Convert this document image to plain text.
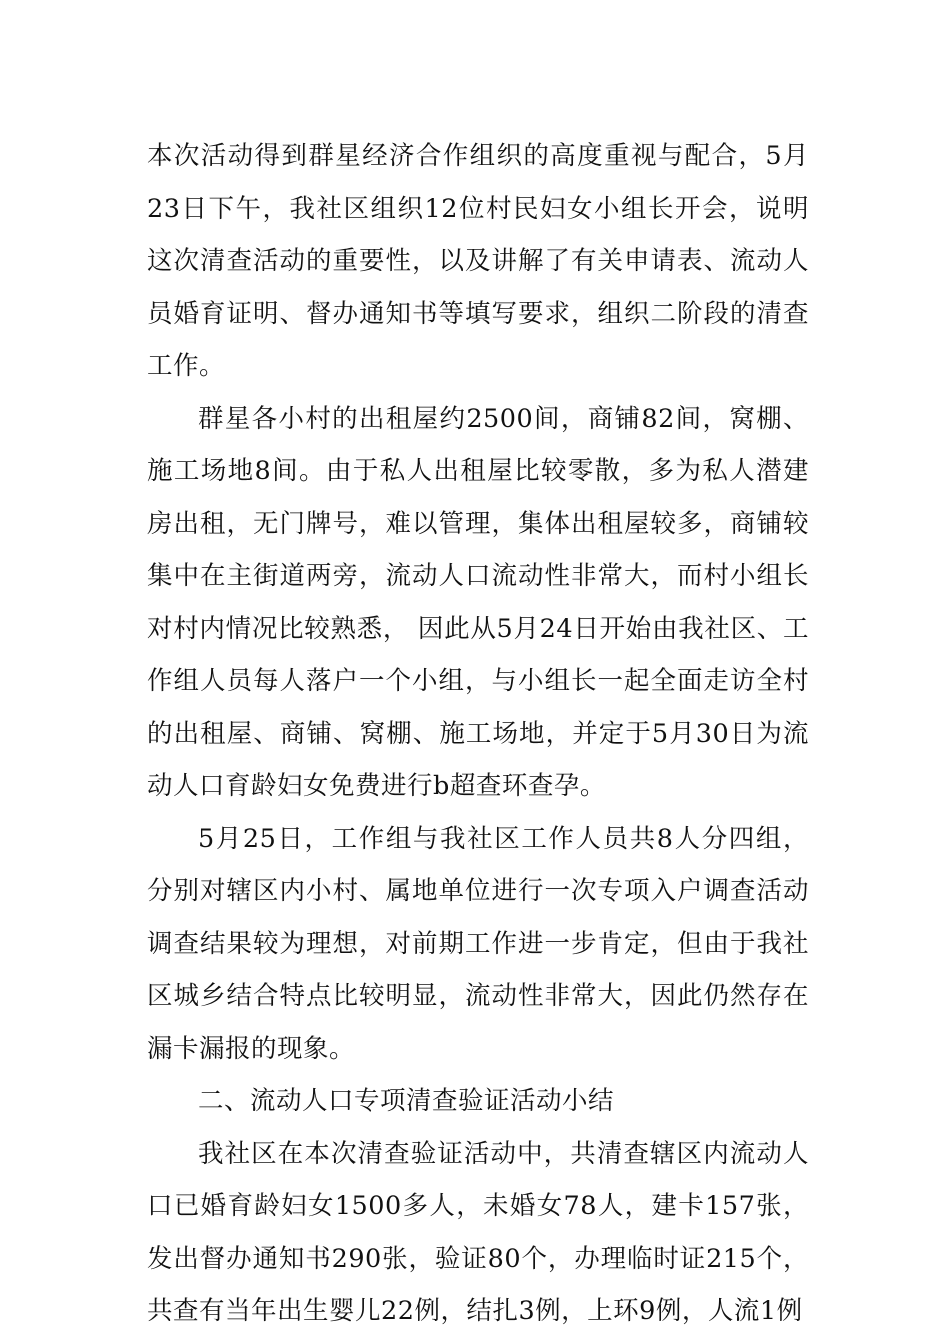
本次活动得到群星经济合作组织的高度重视与配合，5月23日下午，我社区组织12位村民妇女小组长开会，说明这次清查活动的重要性，以及讲解了有关申请表、流动人员婚育证明、督办通知书等填写要求，组织二阶段的清查工作。

群星各小村的出租屋约2500间，商铺82间，窝棚、施工场地8间。由于私人出租屋比较零散，多为私人潜建房出租，无门牌号，难以管理，集体出租屋较多，商铺较集中在主街道两旁，流动人口流动性非常大，而村小组长对村内情况比较熟悉， 因此从5月24日开始由我社区、工作组人员每人落户一个小组，与小组长一起全面走访全村的出租屋、商铺、窝棚、施工场地，并定于5月30日为流动人口育龄妇女免费进行b超查环查孕。

5月25日，工作组与我社区工作人员共8人分四组，分别对辖区内小村、属地单位进行一次专项入户调查活动调查结果较为理想，对前期工作进一步肯定，但由于我社区城乡结合特点比较明显，流动性非常大，因此仍然存在漏卡漏报的现象。

二、流动人口专项清查验证活动小结

我社区在本次清查验证活动中，共清查辖区内流动人口已婚育龄妇女1500多人，未婚女78人，建卡157张，发出督办通知书290张，验证80个，办理临时证215个，共查有当年出生婴儿22例，结扎3例，上环9例，人流1例
